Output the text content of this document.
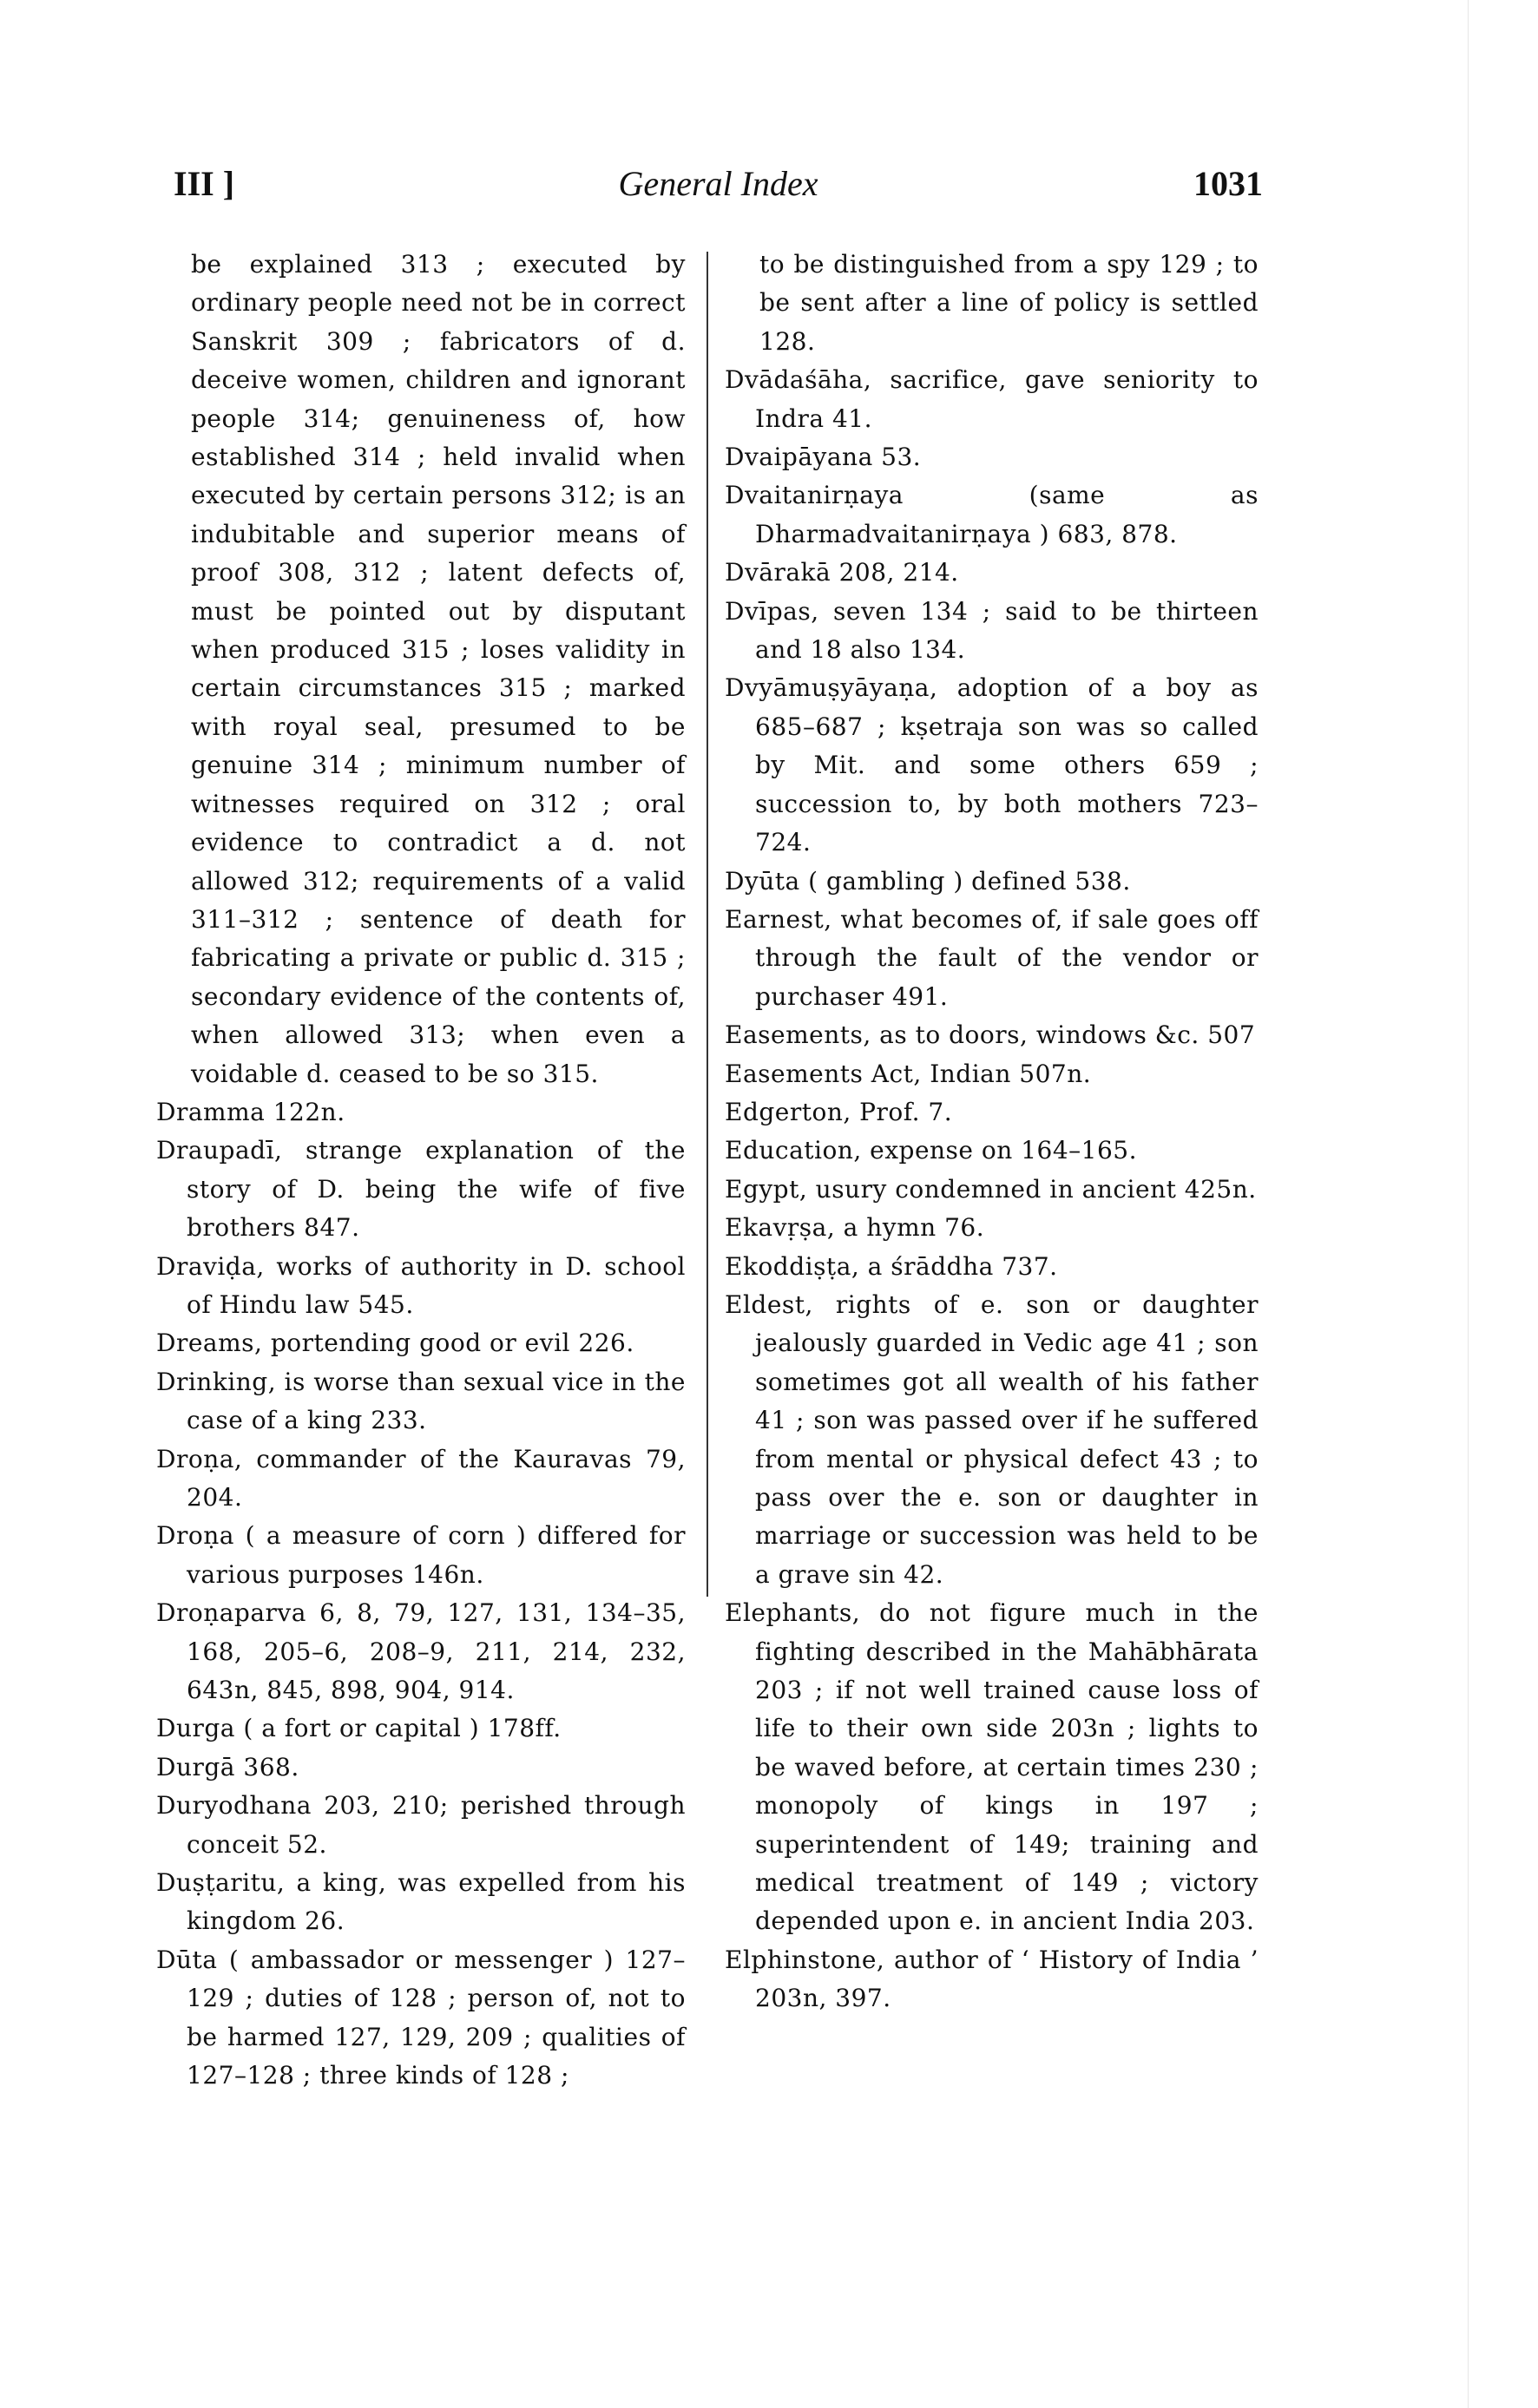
III ]	General Index	1031

be explained 313 ; executed by ordinary people need not be in correct Sanskrit 309 ; fabricators of d. deceive women, children and ignorant people 314; genuineness of, how established 314 ; held invalid when executed by certain persons 312; is an indubitable and superior means of proof 308, 312 ; latent defects of, must be pointed out by disputant when produced 315 ; loses validity in certain circumstances 315 ; marked with royal seal, presumed to be genuine 314 ; minimum number of witnesses required on 312 ; oral evidence to contradict a d. not allowed 312; requirements of a valid 311–312 ; sentence of death for fabricating a private or public d. 315 ; secondary evidence of the contents of, when allowed 313; when even a voidable d. ceased to be so 315.

Dramma 122n.

Draupadī, strange explanation of the story of D. being the wife of five brothers 847.

Draviḍa, works of authority in D. school of Hindu law 545.

Dreams, portending good or evil 226.

Drinking, is worse than sexual vice in the case of a king 233.

Droṇa, commander of the Kauravas 79, 204.

Droṇa ( a measure of corn ) differed for various purposes 146n.

Droṇaparva 6, 8, 79, 127, 131, 134–35, 168, 205–6, 208–9, 211, 214, 232, 643n, 845, 898, 904, 914.

Durga ( a fort or capital ) 178ff.

Durgā 368.

Duryodhana 203, 210; perished through conceit 52.

Duṣṭaritu, a king, was expelled from his kingdom 26.

Dūta ( ambassador or messenger ) 127–129 ; duties of 128 ; person of, not to be harmed 127, 129, 209 ; qualities of 127–128 ; three kinds of 128 ;

to be distinguished from a spy 129 ; to be sent after a line of policy is settled 128.

Dvādaśāha, sacrifice, gave seniority to Indra 41.

Dvaipāyana 53.

Dvaitanirṇaya (same as Dharmadvaitanirṇaya ) 683, 878.

Dvārakā 208, 214.

Dvīpas, seven 134 ; said to be thirteen and 18 also 134.

Dvyāmuṣyāyaṇa, adoption of a boy as 685–687 ; kṣetraja son was so called by Mit. and some others 659 ; succession to, by both mothers 723–724.

Dyūta ( gambling ) defined 538.

Earnest, what becomes of, if sale goes off through the fault of the vendor or purchaser 491.

Easements, as to doors, windows &c. 507

Easements Act, Indian 507n.

Edgerton, Prof. 7.

Education, expense on 164–165.

Egypt, usury condemned in ancient 425n.

Ekavṛṣa, a hymn 76.

Ekoddiṣṭa, a śrāddha 737.

Eldest, rights of e. son or daughter jealously guarded in Vedic age 41 ; son sometimes got all wealth of his father 41 ; son was passed over if he suffered from mental or physical defect 43 ; to pass over the e. son or daughter in marriage or succession was held to be a grave sin 42.

Elephants, do not figure much in the fighting described in the Mahābhārata 203 ; if not well trained cause loss of life to their own side 203n ; lights to be waved before, at certain times 230 ; monopoly of kings in 197 ; superintendent of 149; training and medical treatment of 149 ; victory depended upon e. in ancient India 203.

Elphinstone, author of ‘ History of India ’ 203n, 397.
